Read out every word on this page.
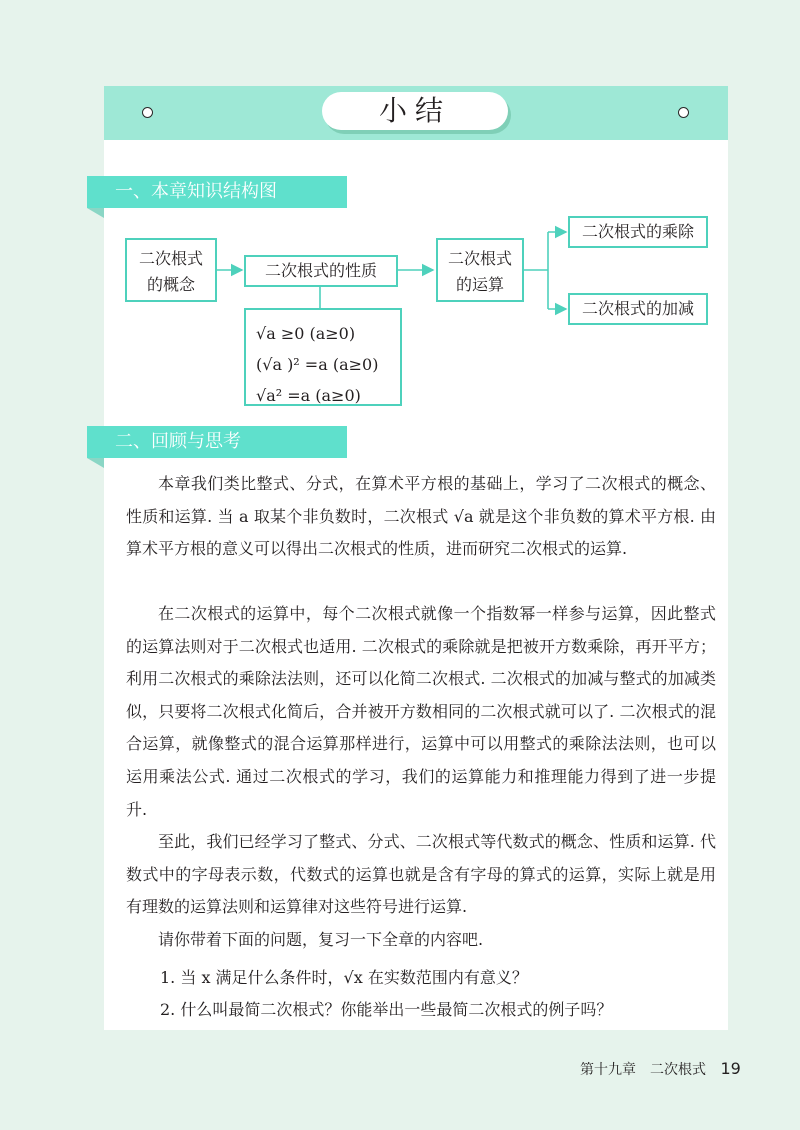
小结
一、本章知识结构图
二次根式
的概念
二次根式的性质
二次根式
的运算
二次根式的乘除
二次根式的加减
√a ≥0 (a≥0)
(√a )² =a (a≥0)
√a² =a (a≥0)
二、回顾与思考

本章我们类比整式、分式，在算术平方根的基础上，学习了二次根式的概念、性质和运算. 当 a 取某个非负数时，二次根式 √a 就是这个非负数的算术平方根. 由算术平方根的意义可以得出二次根式的性质，进而研究二次根式的运算.

在二次根式的运算中，每个二次根式就像一个指数幂一样参与运算，因此整式的运算法则对于二次根式也适用. 二次根式的乘除就是把被开方数乘除，再开平方；利用二次根式的乘除法法则，还可以化简二次根式. 二次根式的加减与整式的加减类似，只要将二次根式化简后，合并被开方数相同的二次根式就可以了. 二次根式的混合运算，就像整式的混合运算那样进行，运算中可以用整式的乘除法法则，也可以运用乘法公式. 通过二次根式的学习，我们的运算能力和推理能力得到了进一步提升.

至此，我们已经学习了整式、分式、二次根式等代数式的概念、性质和运算. 代数式中的字母表示数，代数式的运算也就是含有字母的算式的运算，实际上就是用有理数的运算法则和运算律对这些符号进行运算.

请你带着下面的问题，复习一下全章的内容吧.

1. 当 x 满足什么条件时，√x 在实数范围内有意义？
2. 什么叫最简二次根式？你能举出一些最简二次根式的例子吗？
第十九章　二次根式 19
